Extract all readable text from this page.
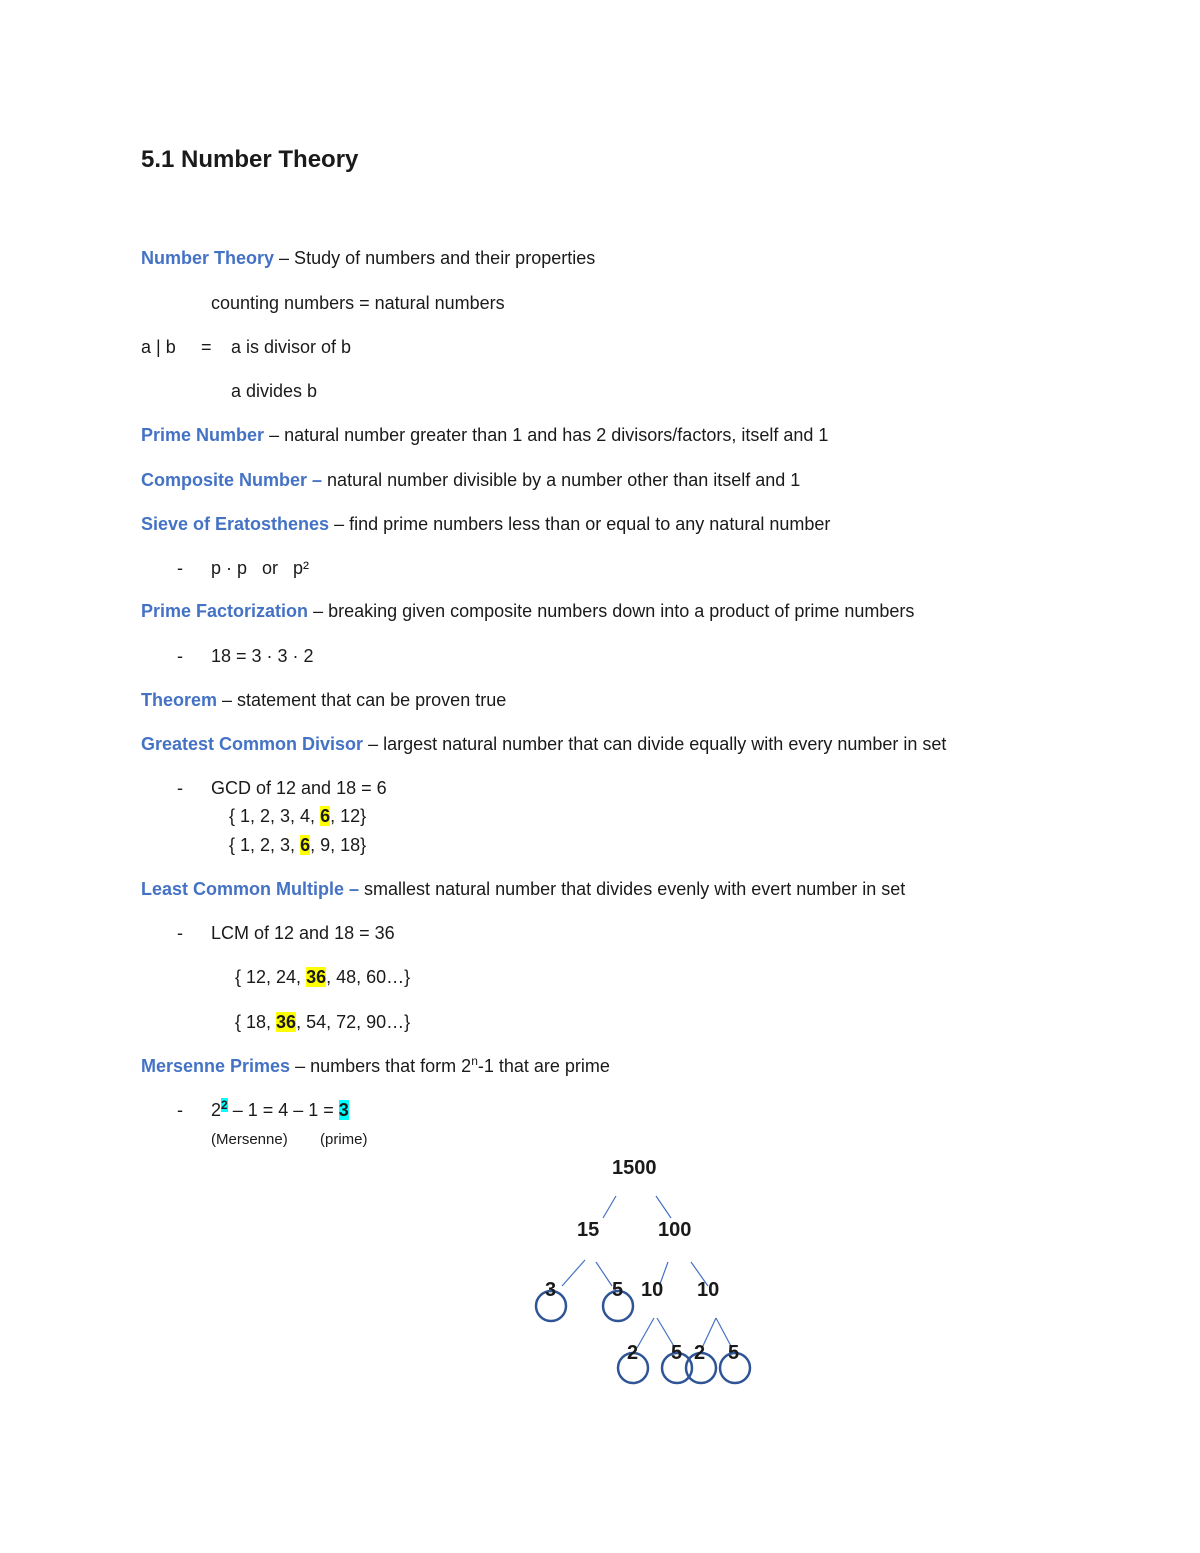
5.1 Number Theory
Number Theory – Study of numbers and their properties
counting numbers = natural numbers
a | b = a is divisor of b
a divides b
Prime Number – natural number greater than 1 and has 2 divisors/factors, itself and 1
Composite Number – natural number divisible by a number other than itself and 1
Sieve of Eratosthenes – find prime numbers less than or equal to any natural number
- p · p   or   p²
Prime Factorization – breaking given composite numbers down into a product of prime numbers
- 18 = 3 · 3 · 2
Theorem – statement that can be proven true
Greatest Common Divisor – largest natural number that can divide equally with every number in set
- GCD of 12 and 18 = 6
{ 1, 2, 3, 4, 6, 12}
{ 1, 2, 3, 6, 9, 18}
Least Common Multiple – smallest natural number that divides evenly with evert number in set
- LCM of 12 and 18 = 36
{ 12, 24, 36, 48, 60…}
{ 18, 36, 54, 72, 90…}
Mersenne Primes – numbers that form 2$^n$-1 that are prime
- $2^2 - 1 = 4 - 1 = 3$
(Mersenne) (prime)
1500
15	100
3	5 10 10
2 5 2 5
